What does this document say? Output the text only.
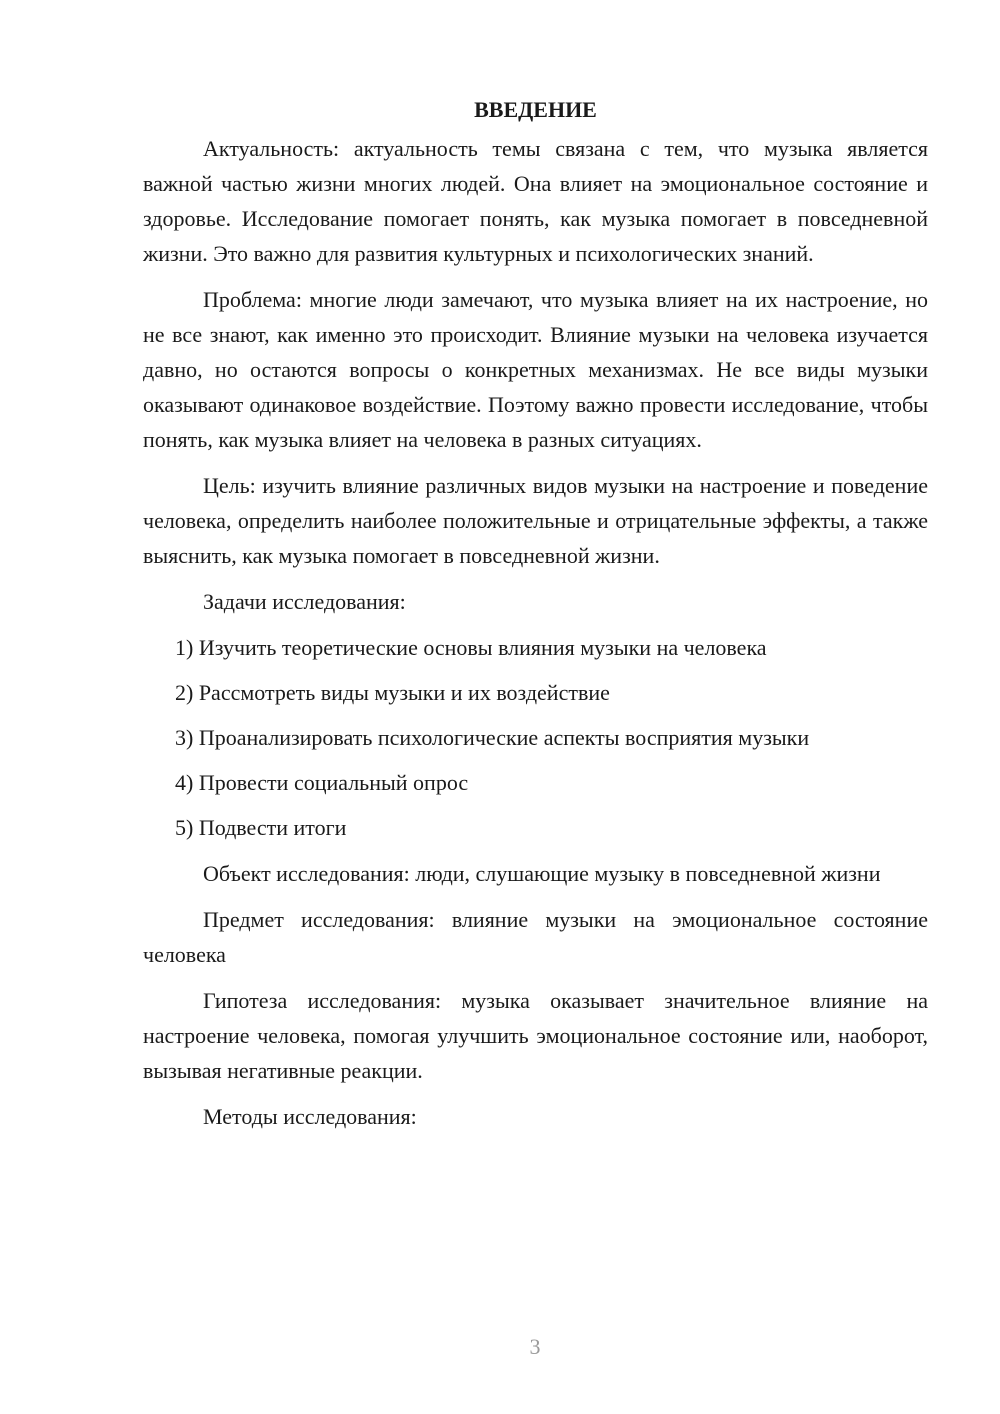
ВВЕДЕНИЕ

Актуальность: актуальность темы связана с тем, что музыка является важной частью жизни многих людей. Она влияет на эмоциональное состояние и здоровье. Исследование помогает понять, как музыка помогает в повседневной жизни. Это важно для развития культурных и психологических знаний.

Проблема: многие люди замечают, что музыка влияет на их настроение, но не все знают, как именно это происходит. Влияние музыки на человека изучается давно, но остаются вопросы о конкретных механизмах. Не все виды музыки оказывают одинаковое воздействие. Поэтому важно провести исследование, чтобы понять, как музыка влияет на человека в разных ситуациях.

Цель: изучить влияние различных видов музыки на настроение и поведение человека, определить наиболее положительные и отрицательные эффекты, а также выяснить, как музыка помогает в повседневной жизни.

Задачи исследования:

1) Изучить теоретические основы влияния музыки на человека
2) Рассмотреть виды музыки и их воздействие
3) Проанализировать психологические аспекты восприятия музыки
4) Провести социальный опрос
5) Подвести итоги

Объект исследования: люди, слушающие музыку в повседневной жизни

Предмет исследования: влияние музыки на эмоциональное состояние человека

Гипотеза исследования: музыка оказывает значительное влияние на настроение человека, помогая улучшить эмоциональное состояние или, наоборот, вызывая негативные реакции.

Методы исследования:

3
